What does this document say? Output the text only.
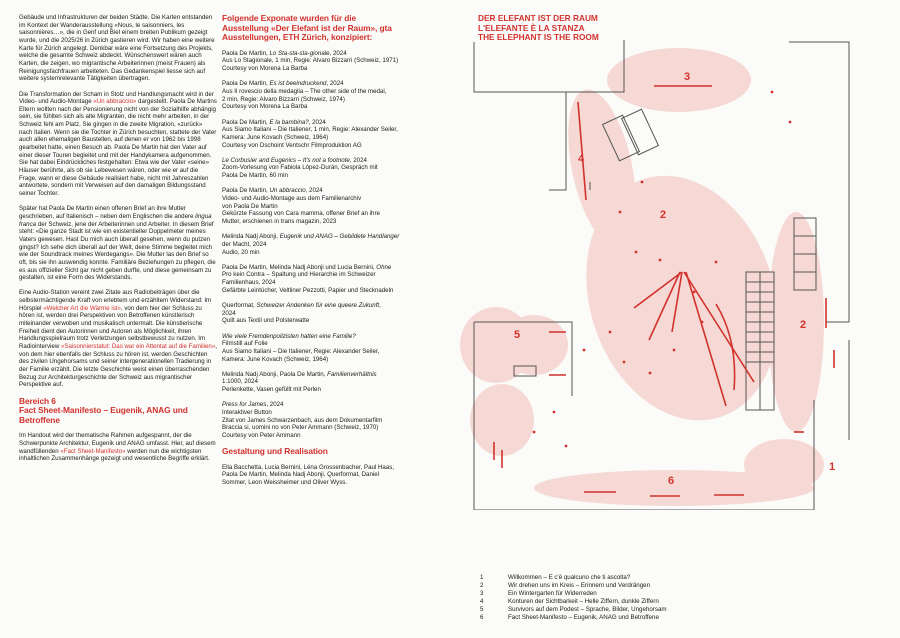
Gebäude und Infrastrukturen der beiden Städte. Die Karten entstanden im Kontext der Wanderausstellung «Nous, le saisonniers, les saisonnières…», die in Genf und Biel einem breiten Publikum gezeigt wurde, und die 2025/26 in Zürich gastieren wird. Wir haben eine weitere Karte für Zürich angelegt. Denkbar wäre eine Fortsetzung des Projekts, welche die gesamte Schweiz abdeckt. Wünschenswert wären auch Karten, die zeigen, wo migrantische Arbeiterinnen (meist Frauen) als Reinigungsfachfrauen arbeiteten. Das Gedankenspiel liesse sich auf weitere systemrelevante Tätigkeiten übertragen.

Die Transformation der Scham in Stolz und Handlungsmacht wird in der Video- und Audio-Montage «Un abbraccio» dargestellt. Paola De Martins Eltern wollten nach der Pensionierung nicht von der Sozialhilfe abhängig sein, sie fühlten sich als alte Migranten, die nicht mehr arbeiten, in der Schweiz fehl am Platz. Sie gingen in die zweite Migration, «zurück» nach Italien. Wenn sie die Tochter in Zürich besuchten, stattete der Vater auch allen ehemaligen Baustellen, auf denen er von 1962 bis 1998 gearbeitet hatte, einen Besuch ab. Paola De Martin hat den Vater auf einer dieser Touren begleitet und mit der Handykamera aufgenommen. Sie hat dabei Eindrückliches festgehalten: Etwa wie der Vater «seine» Häuser berührte, als ob sie Lebewesen wären, oder wie er auf die Frage, wann er diese Gebäude realisiert habe, nicht mit Jahreszahlen antwortete, sondern mit Verweisen auf den damaligen Bildungsstand seiner Tochter.

Später hat Paola De Martin einen offenen Brief an ihre Mutter geschrieben, auf Italienisch – neben dem Englischen die andere lingua franca der Schweiz, jene der Arbeiterinnen und Arbeiter. In diesem Brief steht: «Die ganze Stadt ist wie ein existentieller Doppelmeter meines Vaters gewesen. Hast Du mich auch überall gesehen, wenn du putzen gingst? Ich sehe dich überall auf der Welt, deine Stimme begleitet mich wie der Soundtrack meines Werdegangs». Die Mutter las den Brief so oft, bis sie ihn auswendig konnte. Familiäre Beziehungen zu pflegen, die es aus offizieller Sicht gar nicht geben durfte, und diese gemeinsam zu gestalten, ist eine Form des Widerstands.

Eine Audio-Station vereint zwei Zitate aus Radiobeiträgen über die selbstermächtigende Kraft von erlebtem und erzähltem Widerstand: Im Hörspiel «Welcher Art die Wärme ist», von dem hier der Schluss zu hören ist, werden drei Perspektiven von Betroffenen künstlerisch miteinander verwoben und musikalisch untermalt. Die künstlerische Freiheit dient den Autorinnen und Autoren als Möglichkeit, ihren Handlungsspielraum trotz Verletzungen selbstbewusst zu nutzen. Im Radiointerview «Saisonnierstatut: Das war ein Attentat auf die Familien», von dem hier ebenfalls der Schluss zu hören ist, werden Geschichten des zivilen Ungehorsams und seiner intergenerationellen Tradierung in der Familie erzählt. Die letzte Geschichte weist einen überraschenden Bezug zur Architekturgeschichte der Schweiz aus migrantischer Perspektive auf.

Bereich 6
Fact Sheet-Manifesto – Eugenik, ANAG und Betroffene

Im Handout wird der thematische Rahmen aufgespannt, der die Schwerpunkte Architektur, Eugenik und ANAG umfasst. Hier, auf diesem wandfüllenden «Fact Sheet-Manifesto» werden nun die wichtigsten inhaltlichen Zusammenhänge gezeigt und wesentliche Begriffe erklärt.

Folgende Exponate wurden für die Ausstellung «Der Elefant ist der Raum», gta Ausstellungen, ETH Zürich, konzipiert:
Paola De Martin, Lo Sta-sta-sta-gionale, 2024
Aus Lo Stagionale, 1 min, Regie: Alvaro Bizzarri (Schweiz, 1971)
Courtesy von Morena La Barba
Paola De Martin, Es ist beeindruckend, 2024
Aus Il rovescio della medaglia – The other side of the medal,
2 min, Regie: Alvaro Bizzarri (Schweiz, 1974)
Courtesy von Morena La Barba
Paola De Martin, E la bambina?, 2024
Aus Siamo Italiani – Die Italiener, 1 min, Regie: Alexander Seiler,
Kamera: June Kovach (Schweiz, 1964)
Courtesy von Dschoint Ventschr Filmproduktion AG
Le Corbusier and Eugenics – It's not a footnote, 2024
Zoom-Vorlesung von Fabiola López-Durán, Gespräch mit
Paola De Martin, 60 min
Paola De Martin, Un abbraccio, 2024
Video- und Audio-Montage aus dem Familienarchiv
von Paola De Martin
Gekürzte Fassung von Cara mamma, offener Brief an ihre
Mutter, erschienen in trans magazin, 2023
Melinda Nadj Abonji, Eugenik und ANAG – Gebildete Handlanger
der Macht, 2024
Audio, 20 min
Paola De Martin, Melinda Nadj Abonji und Lucia Bernini, Ohne
Pro kein Contra – Spaltung und Hierarchie im Schweizer
Familienhaus, 2024
Gefärbte Leintücher, Veltliner Pezzotti, Papier und Stecknadeln
Querformat, Schweizer Andenken für eine queere Zukunft,
2024
Quilt aus Textil und Polsterwatte
Wie viele Fremdenpolizisten hatten eine Familie?
Filmstill auf Folie
Aus Siamo Italiani – Die Italiener, Regie: Alexander Seiler,
Kamera: June Kovach (Schweiz, 1964)
Melinda Nadj Abonji, Paola De Martin, Familienverhältnis
1:1000, 2024
Perlenkette, Vasen gefüllt mit Perlen
Press for James, 2024
Interaktiver Button
Zitat von James Schwarzenbach, aus dem Dokumentarfilm
Braccia si, uomini no von Peter Ammann (Schweiz, 1970)
Courtesy von Peter Ammann
Gestaltung und Realisation

Ella Bacchetta, Lucia Bernini, Léna Grossenbacher, Paul Haas, Paola De Martin, Melinda Nadj Abonji, Querformat, Daniel Sommer, Leon Weissheimer und Oliver Wyss.

DER ELEFANT IST DER RAUM
L'ELEFANTE È LA STANZA
THE ELEPHANT IS THE ROOM
1
2
2
3
4
5
6
1	Willkommen – E c'è qualcuno che ti ascolta?
2	Wir drehen uns im Kreis – Erinnern und Verdrängen
3	Ein Wintergarten für Widerreden
4	Konturen der Sichtbarkeit – Helle Ziffern, dunkle Ziffern
5	Survivors auf dem Podest – Sprache, Bilder, Ungehorsam
6	Fact Sheet-Manifesto – Eugenik, ANAG und Betroffene
